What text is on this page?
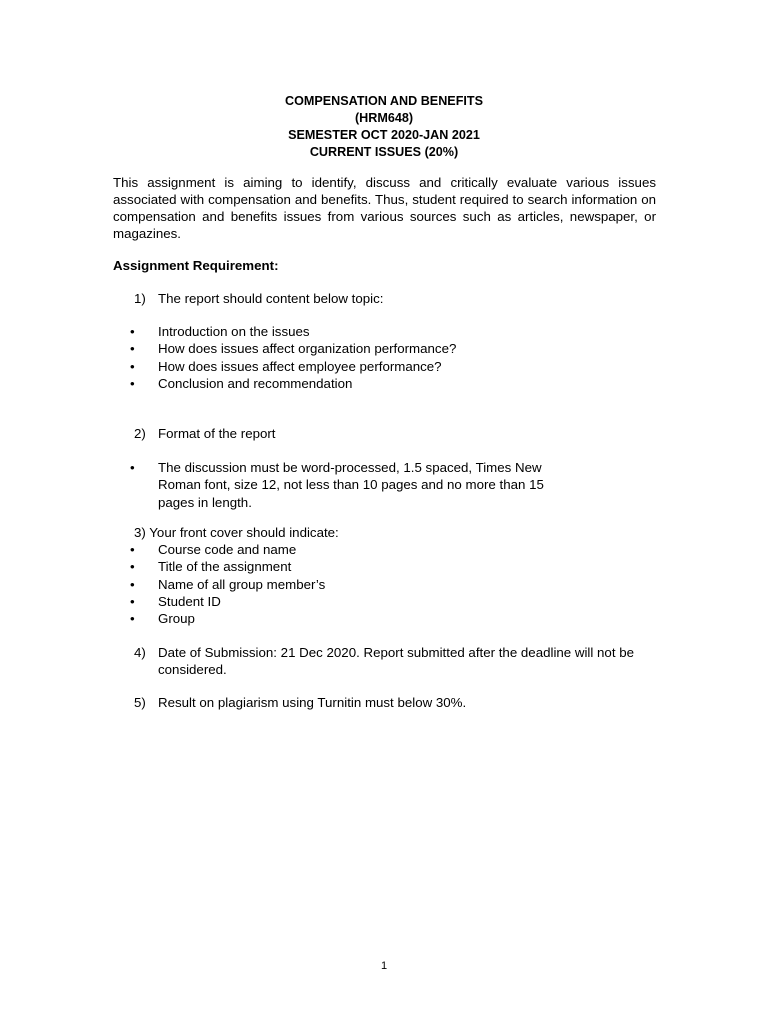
COMPENSATION AND BENEFITS
(HRM648)
SEMESTER OCT 2020-JAN 2021
CURRENT ISSUES (20%)
This assignment is aiming to identify, discuss and critically evaluate various issues associated with compensation and benefits. Thus, student required to search information on compensation and benefits issues from various sources such as articles, newspaper, or magazines.
Assignment Requirement:
1) The report should content below topic:
• Introduction on the issues
• How does issues affect organization performance?
• How does issues affect employee performance?
• Conclusion and recommendation
2) Format of the report
• The discussion must be word-processed, 1.5 spaced, Times New Roman font, size 12, not less than 10 pages and no more than 15 pages in length.
3) Your front cover should indicate:
• Course code and name
• Title of the assignment
• Name of all group member’s
• Student ID
• Group
4) Date of Submission: 21 Dec 2020. Report submitted after the deadline will not be considered.
5) Result on plagiarism using Turnitin must below 30%.
1
